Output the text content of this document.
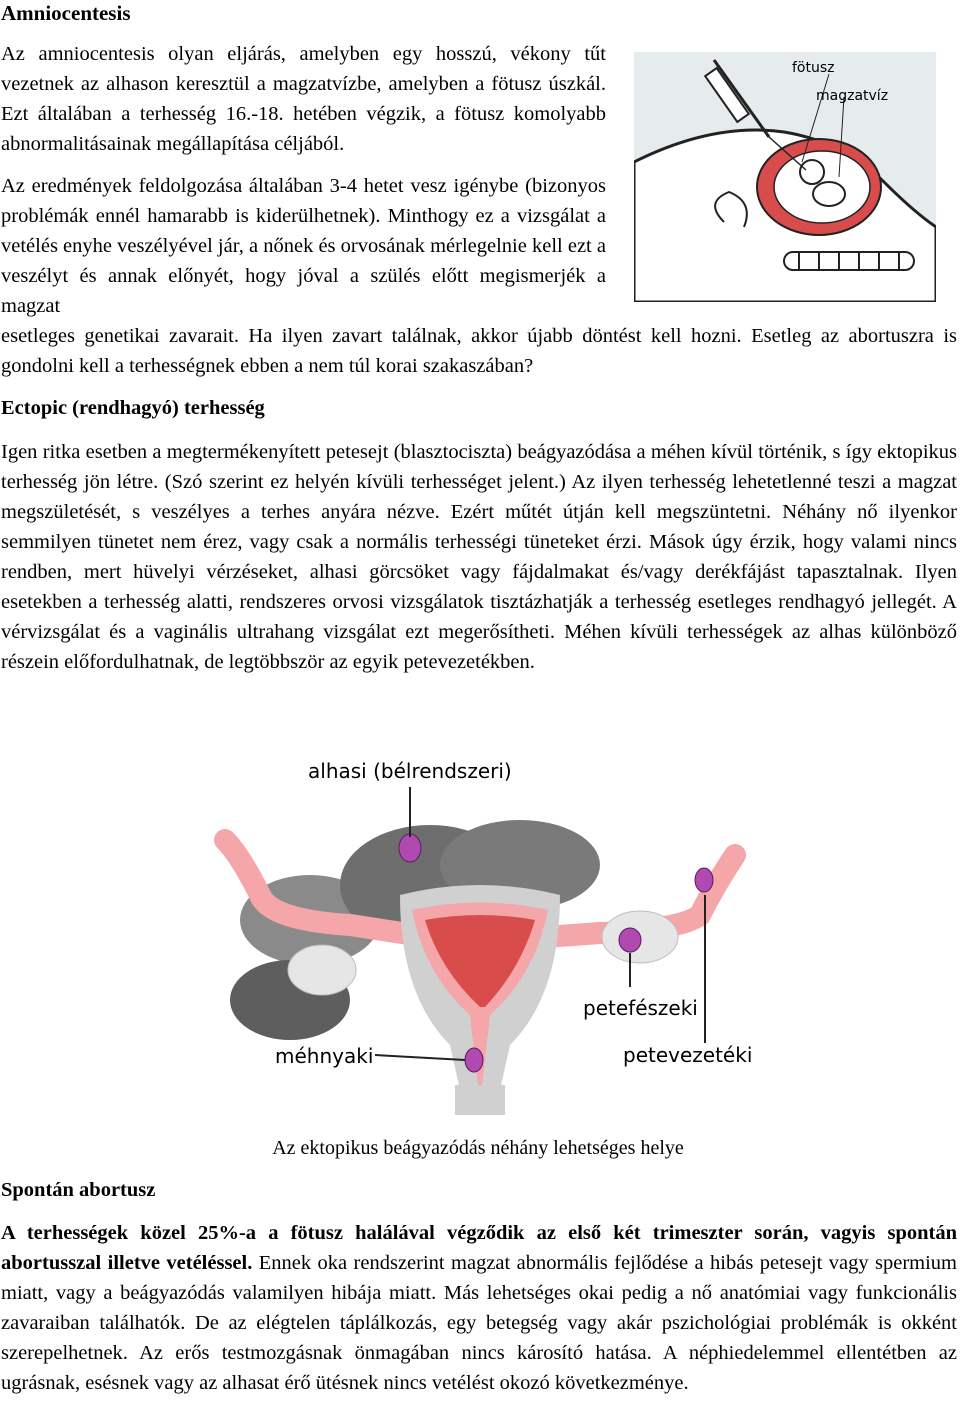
Amniocentesis

Az amniocentesis olyan eljárás, amelyben egy hosszú, vékony tűt vezetnek az alhason keresztül a magzatvízbe, amelyben a fötusz úszkál. Ezt általában a terhesség 16.-18. hetében végzik, a fötusz komolyabb abnormalitásainak megállapítása céljából.

Az eredmények feldolgozása általában 3-4 hetet vesz igénybe (bizonyos problémák ennél hamarabb is kiderülhetnek). Minthogy ez a vizsgálat a vetélés enyhe veszélyével jár, a nőnek és orvosának mérlegelnie kell ezt a veszélyt és annak előnyét, hogy jóval a szülés előtt megismerjék a magzat

esetleges genetikai zavarait. Ha ilyen zavart találnak, akkor újabb döntést kell hozni. Esetleg az abortuszra is gondolni kell a terhességnek ebben a nem túl korai szakaszában?

fötusz
magzatvíz
Ectopic (rendhagyó) terhesség

Igen ritka esetben a megtermékenyített petesejt (blasztociszta) beágyazódása a méhen kívül történik, s így ektopikus terhesség jön létre. (Szó szerint ez helyén kívüli terhességet jelent.) Az ilyen terhesség lehetetlenné teszi a magzat megszületését, s veszélyes a terhes anyára nézve. Ezért műtét útján kell megszüntetni. Néhány nő ilyenkor semmilyen tünetet nem érez, vagy csak a normális terhességi tüneteket érzi. Mások úgy érzik, hogy valami nincs rendben, mert hüvelyi vérzéseket, alhasi görcsöket vagy fájdalmakat és/vagy derékfájást tapasztalnak. Ilyen esetekben a terhesség alatti, rendszeres orvosi vizsgálatok tisztázhatják a terhesség esetleges rendhagyó jellegét. A vérvizsgálat és a vaginális ultrahang vizsgálat ezt megerősítheti. Méhen kívüli terhességek az alhas különböző részein előfordulhatnak, de legtöbbször az egyik petevezetékben.

alhasi (bélrendszeri)
petefészeki
méhnyaki	petevezetéki

Az ektopikus beágyazódás néhány lehetséges helye

Spontán abortusz

A terhességek közel 25%-a a fötusz halálával végződik az első két trimeszter során, vagyis spontán abortusszal illetve vetéléssel. Ennek oka rendszerint magzat abnormális fejlődése a hibás petesejt vagy spermium miatt, vagy a beágyazódás valamilyen hibája miatt. Más lehetséges okai pedig a nő anatómiai vagy funkcionális zavaraiban találhatók. De az elégtelen táplálkozás, egy betegség vagy akár pszichológiai problémák is okként szerepelhetnek. Az erős testmozgásnak önmagában nincs károsító hatása. A néphiedelemmel ellentétben az ugrásnak, esésnek vagy az alhasat érő ütésnek nincs vetélést okozó következménye.
